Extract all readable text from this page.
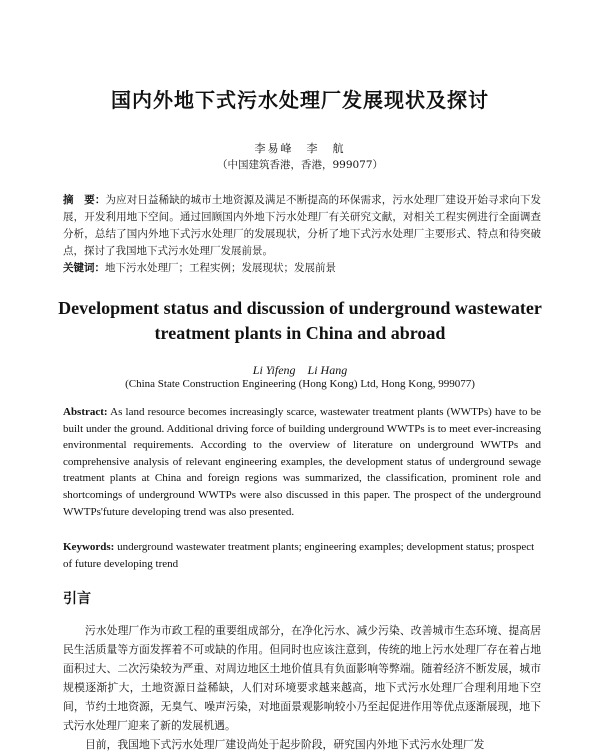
国内外地下式污水处理厂发展现状及探讨
李易峰　李　航
（中国建筑香港，香港，999077）
摘　要：为应对日益稀缺的城市土地资源及满足不断提高的环保需求，污水处理厂建设开始寻求向下发展，开发利用地下空间。通过回顾国内外地下污水处理厂有关研究文献，对相关工程实例进行全面调查分析，总结了国内外地下式污水处理厂的发展现状，分析了地下式污水处理厂主要形式、特点和待突破点，探讨了我国地下式污水处理厂发展前景。
关键词：地下污水处理厂；工程实例；发展现状；发展前景
Development status and discussion of underground wastewater treatment plants in China and abroad
Li Yifeng　Li Hang
(China State Construction Engineering (Hong Kong) Ltd, Hong Kong, 999077)
Abstract: As land resource becomes increasingly scarce, wastewater treatment plants (WWTPs) have to be built under the ground. Additional driving force of building underground WWTPs is to meet ever-increasing environmental requirements. According to the overview of literature on underground WWTPs and comprehensive analysis of relevant engineering examples, the development status of underground sewage treatment plants at China and foreign regions was summarized, the classification, prominent role and shortcomings of underground WWTPs were also discussed in this paper. The prospect of the underground WWTPs'future developing trend was also presented.
Keywords: underground wastewater treatment plants; engineering examples; development status; prospect of future developing trend
引言

污水处理厂作为市政工程的重要组成部分，在净化污水、减少污染、改善城市生态环境、提高居民生活质量等方面发挥着不可或缺的作用。但同时也应该注意到，传统的地上污水处理厂存在着占地面积过大、二次污染较为严重、对周边地区土地价值具有负面影响等弊端。随着经济不断发展，城市规模逐渐扩大，土地资源日益稀缺，人们对环境要求越来越高，地下式污水处理厂合理利用地下空间，节约土地资源，无臭气、噪声污染，对地面景观影响较小乃至起促进作用等优点逐渐展现，地下式污水处理厂迎来了新的发展机遇。

目前，我国地下式污水处理厂建设尚处于起步阶段，研究国内外地下式污水处理厂发
